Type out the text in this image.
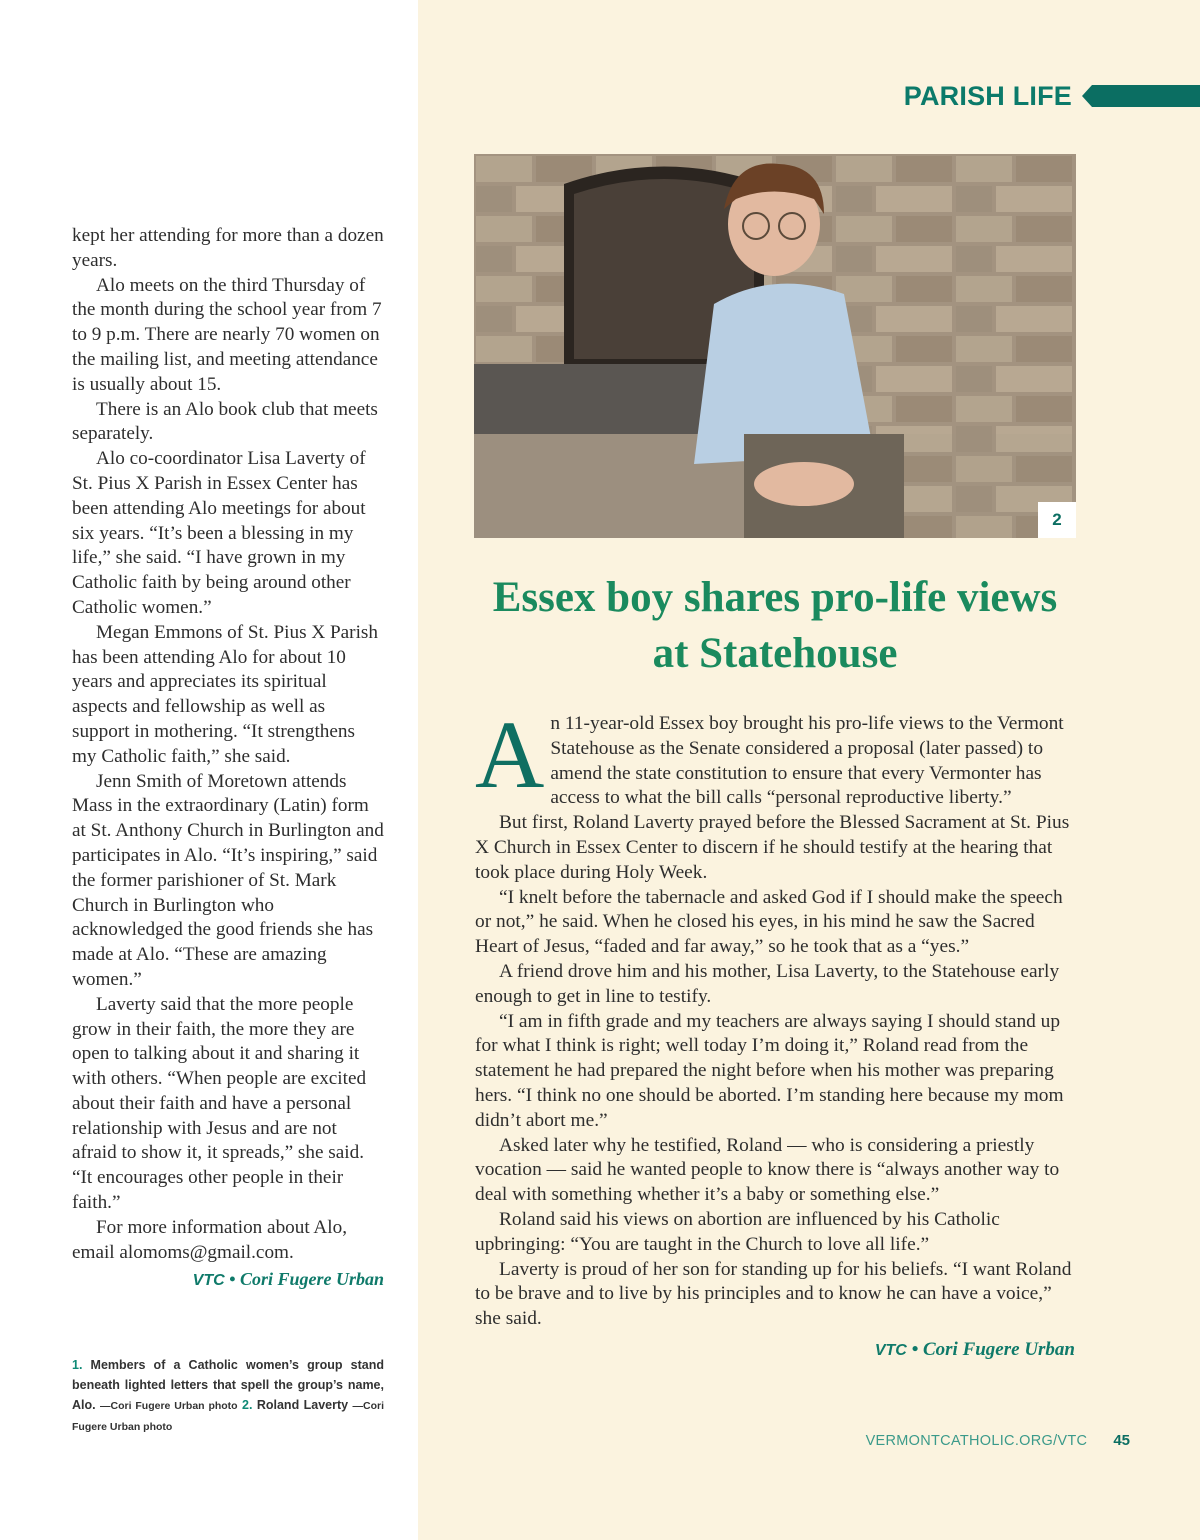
PARISH LIFE

kept her attending for more than a dozen years.

Alo meets on the third Thursday of the month during the school year from 7 to 9 p.m. There are nearly 70 women on the mailing list, and meeting attendance is usually about 15.

There is an Alo book club that meets separately.

Alo co-coordinator Lisa Laverty of St. Pius X Parish in Essex Center has been attending Alo meetings for about six years. “It’s been a blessing in my life,” she said. “I have grown in my Catholic faith by being around other Catholic women.”

Megan Emmons of St. Pius X Parish has been attending Alo for about 10 years and appreciates its spiritual aspects and fellowship as well as support in mothering. “It strengthens my Catholic faith,” she said.

Jenn Smith of Moretown attends Mass in the extraordinary (Latin) form at St. Anthony Church in Burlington and participates in Alo. “It’s inspiring,” said the former parishioner of St. Mark Church in Burlington who acknowledged the good friends she has made at Alo. “These are amazing women.”

Laverty said that the more people grow in their faith, the more they are open to talking about it and sharing it with others. “When people are excited about their faith and have a personal relationship with Jesus and are not afraid to show it, it spreads,” she said. “It encourages other people in their faith.”

For more information about Alo, email alomoms@gmail.com.

VTC • Cori Fugere Urban
1. Members of a Catholic women’s group stand beneath lighted letters that spell the group’s name, Alo. —Cori Fugere Urban photo 2. Roland Laverty —Cori Fugere Urban photo
2
Essex boy shares pro-life views at Statehouse

An 11-year-old Essex boy brought his pro-life views to the Vermont Statehouse as the Senate considered a proposal (later passed) to amend the state constitution to ensure that every Vermonter has access to what the bill calls “personal reproductive liberty.”

But first, Roland Laverty prayed before the Blessed Sacrament at St. Pius X Church in Essex Center to discern if he should testify at the hearing that took place during Holy Week.

“I knelt before the tabernacle and asked God if I should make the speech or not,” he said. When he closed his eyes, in his mind he saw the Sacred Heart of Jesus, “faded and far away,” so he took that as a “yes.”

A friend drove him and his mother, Lisa Laverty, to the Statehouse early enough to get in line to testify.

“I am in fifth grade and my teachers are always saying I should stand up for what I think is right; well today I’m doing it,” Roland read from the statement he had prepared the night before when his mother was preparing hers. “I think no one should be aborted. I’m standing here because my mom didn’t abort me.”

Asked later why he testified, Roland — who is considering a priestly vocation — said he wanted people to know there is “always another way to deal with something whether it’s a baby or something else.”

Roland said his views on abortion are influenced by his Catholic upbringing: “You are taught in the Church to love all life.”

Laverty is proud of her son for standing up for his beliefs. “I want Roland to be brave and to live by his principles and to know he can have a voice,” she said.

VTC • Cori Fugere Urban
VERMONTCATHOLIC.ORG/VTC 45
